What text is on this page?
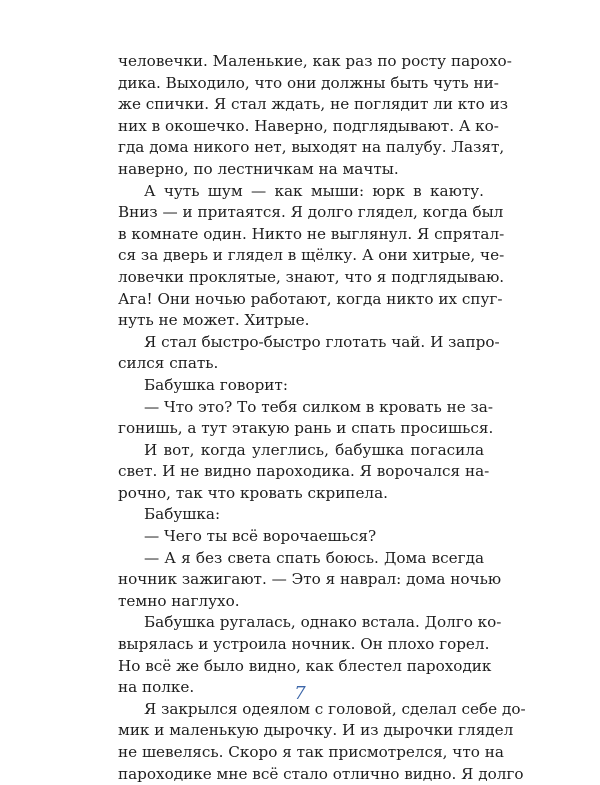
человечки. Маленькие, как раз по росту парохо-
дика. Выходило, что они должны быть чуть ни-
же спички. Я стал ждать, не поглядит ли кто из
них в окошечко. Наверно, подглядывают. А ко-
гда дома никого нет, выходят на палубу. Лазят,
наверно, по лестничкам на мачты.
А чуть шум — как мыши: юрк в каюту.
Вниз — и притаятся. Я долго глядел, когда был
в комнате один. Никто не выглянул. Я спрятал-
ся за дверь и глядел в щёлку. А они хитрые, че-
ловечки проклятые, знают, что я подглядываю.
Ага! Они ночью работают, когда никто их спуг-
нуть не может. Хитрые.
Я стал быстро-быстро глотать чай. И запро-
сился спать.
Бабушка говорит:
— Что это? То тебя силком в кровать не за-
гонишь, а тут этакую рань и спать просишься.
И вот, когда улеглись, бабушка погасила
свет. И не видно пароходика. Я ворочался на-
рочно, так что кровать скрипела.
Бабушка:
— Чего ты всё ворочаешься?
— А я без света спать боюсь. Дома всегда
ночник зажигают. — Это я наврал: дома ночью
темно наглухо.
Бабушка ругалась, однако встала. Долго ко-
вырялась и устроила ночник. Он плохо горел.
Но всё же было видно, как блестел пароходик
на полке.
Я закрылся одеялом с головой, сделал себе до-
мик и маленькую дырочку. И из дырочки глядел
не шевелясь. Скоро я так присмотрелся, что на
пароходике мне всё стало отлично видно. Я долго
7
